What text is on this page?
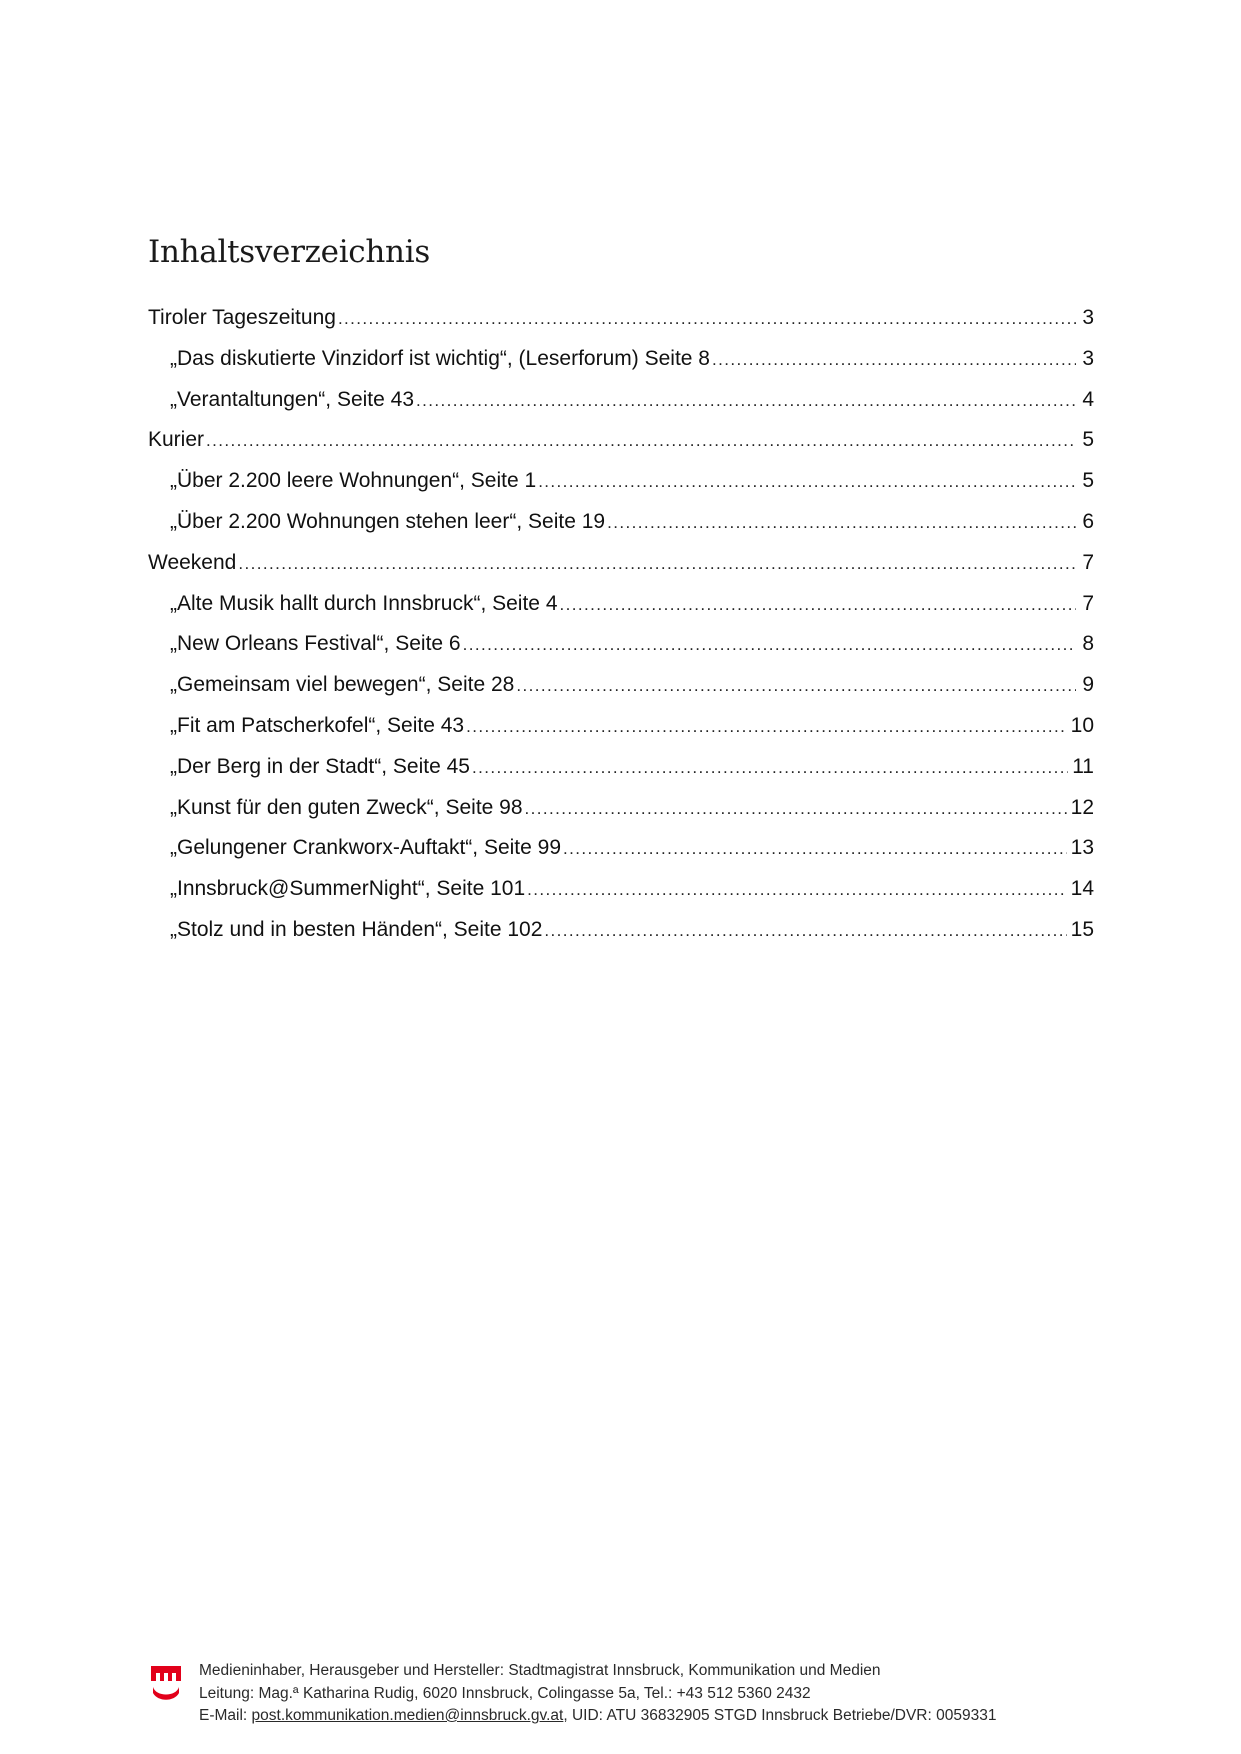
Inhaltsverzeichnis
Tiroler Tageszeitung .....	3
„Das diskutierte Vinzidorf ist wichtig“, (Leserforum) Seite 8 .....	3
„Verantaltungen“, Seite 43 .....	4
Kurier .....	5
„Über 2.200 leere Wohnungen“, Seite 1 .....	5
„Über 2.200 Wohnungen stehen leer“, Seite 19 .....	6
Weekend .....	7
„Alte Musik hallt durch Innsbruck“, Seite 4 .....	7
„New Orleans Festival“, Seite 6 .....	8
„Gemeinsam viel bewegen“, Seite 28 .....	9
„Fit am Patscherkofel“, Seite 43 .....	10
„Der Berg in der Stadt“, Seite 45 .....	11
„Kunst für den guten Zweck“, Seite 98 .....	12
„Gelungener Crankworx-Auftakt“, Seite 99 .....	13
„Innsbruck@SummerNight“, Seite 101 .....	14
„Stolz und in besten Händen“, Seite 102 .....	15
Medieninhaber, Herausgeber und Hersteller: Stadtmagistrat Innsbruck, Kommunikation und Medien
Leitung: Mag.ª Katharina Rudig, 6020 Innsbruck, Colingasse 5a, Tel.: +43 512 5360 2432
E-Mail: post.kommunikation.medien@innsbruck.gv.at, UID: ATU 36832905 STGD Innsbruck Betriebe/DVR: 0059331
